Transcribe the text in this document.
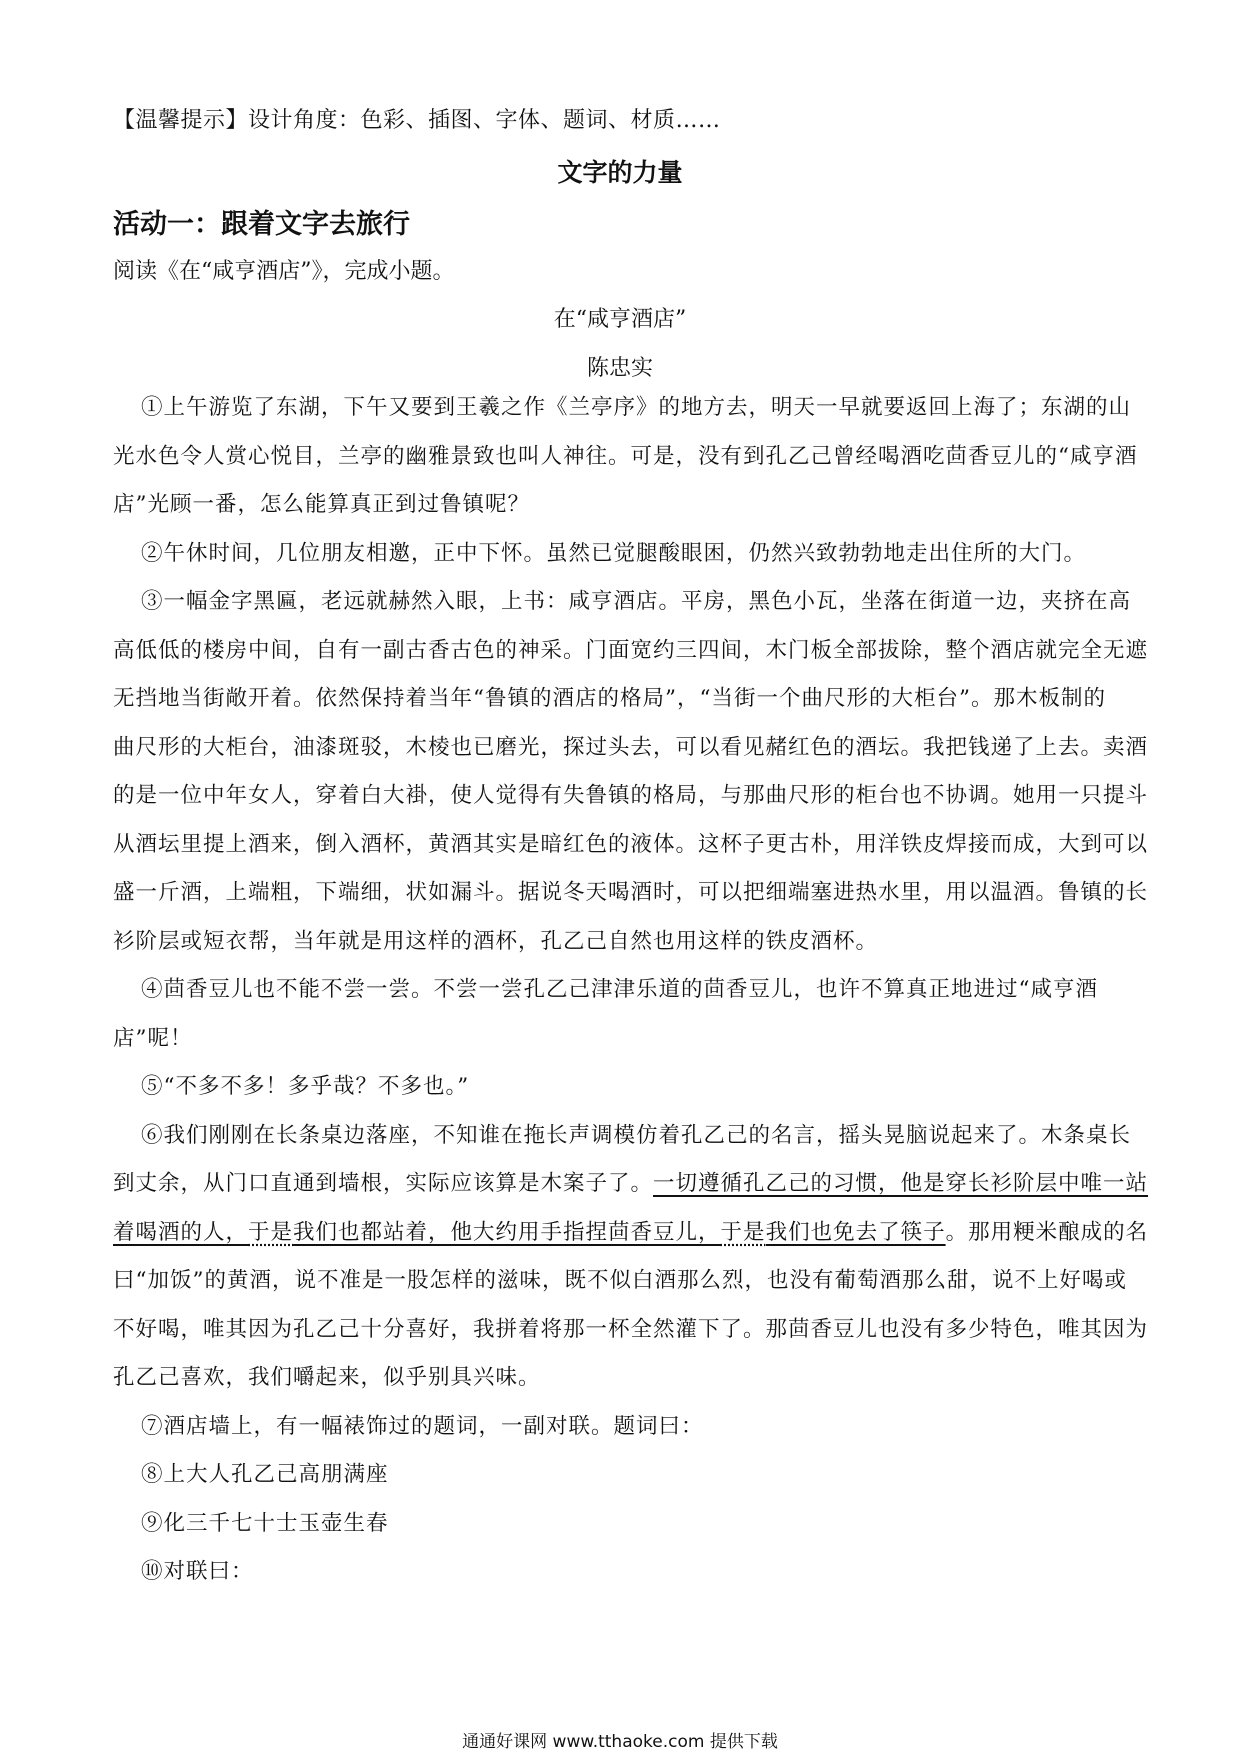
【温馨提示】设计角度：色彩、插图、字体、题词、材质……
文字的力量
活动一：跟着文字去旅行
阅读《在“咸亨酒店”》，完成小题。
在“咸亨酒店”
陈忠实
①上午游览了东湖，下午又要到王羲之作《兰亭序》的地方去，明天一早就要返回上海了；东湖的山
光水色令人赏心悦目，兰亭的幽雅景致也叫人神往。可是，没有到孔乙己曾经喝酒吃茴香豆儿的“咸亨酒
店”光顾一番，怎么能算真正到过鲁镇呢？
②午休时间，几位朋友相邀，正中下怀。虽然已觉腿酸眼困，仍然兴致勃勃地走出住所的大门。
③一幅金字黑匾，老远就赫然入眼，上书：咸亨酒店。平房，黑色小瓦，坐落在街道一边，夹挤在高
高低低的楼房中间，自有一副古香古色的神采。门面宽约三四间，木门板全部拔除，整个酒店就完全无遮
无挡地当街敞开着。依然保持着当年“鲁镇的酒店的格局”，“当街一个曲尺形的大柜台”。那木板制的
曲尺形的大柜台，油漆斑驳，木棱也已磨光，探过头去，可以看见赭红色的酒坛。我把钱递了上去。卖酒
的是一位中年女人，穿着白大褂，使人觉得有失鲁镇的格局，与那曲尺形的柜台也不协调。她用一只提斗
从酒坛里提上酒来，倒入酒杯，黄酒其实是暗红色的液体。这杯子更古朴，用洋铁皮焊接而成，大到可以
盛一斤酒，上端粗，下端细，状如漏斗。据说冬天喝酒时，可以把细端塞进热水里，用以温酒。鲁镇的长
衫阶层或短衣帮，当年就是用这样的酒杯，孔乙己自然也用这样的铁皮酒杯。
④茴香豆儿也不能不尝一尝。不尝一尝孔乙己津津乐道的茴香豆儿，也许不算真正地进过“咸亨酒
店”呢！
⑤“不多不多！多乎哉？不多也。”
⑥我们刚刚在长条桌边落座，不知谁在拖长声调模仿着孔乙己的名言，摇头晃脑说起来了。木条桌长
到丈余，从门口直通到墙根，实际应该算是木案子了。一切遵循孔乙己的习惯，他是穿长衫阶层中唯一站
着喝酒的人，于是我们也都站着，他大约用手指捏茴香豆儿，于是我们也免去了筷子。那用粳米酿成的名
曰“加饭”的黄酒，说不准是一股怎样的滋味，既不似白酒那么烈，也没有葡萄酒那么甜，说不上好喝或
不好喝，唯其因为孔乙己十分喜好，我拼着将那一杯全然灌下了。那茴香豆儿也没有多少特色，唯其因为
孔乙己喜欢，我们嚼起来，似乎别具兴味。
⑦酒店墙上，有一幅裱饰过的题词，一副对联。题词曰：
⑧上大人孔乙己高朋满座
⑨化三千七十士玉壶生春
⑩对联曰：
通通好课网 www.tthaoke.com 提供下载
